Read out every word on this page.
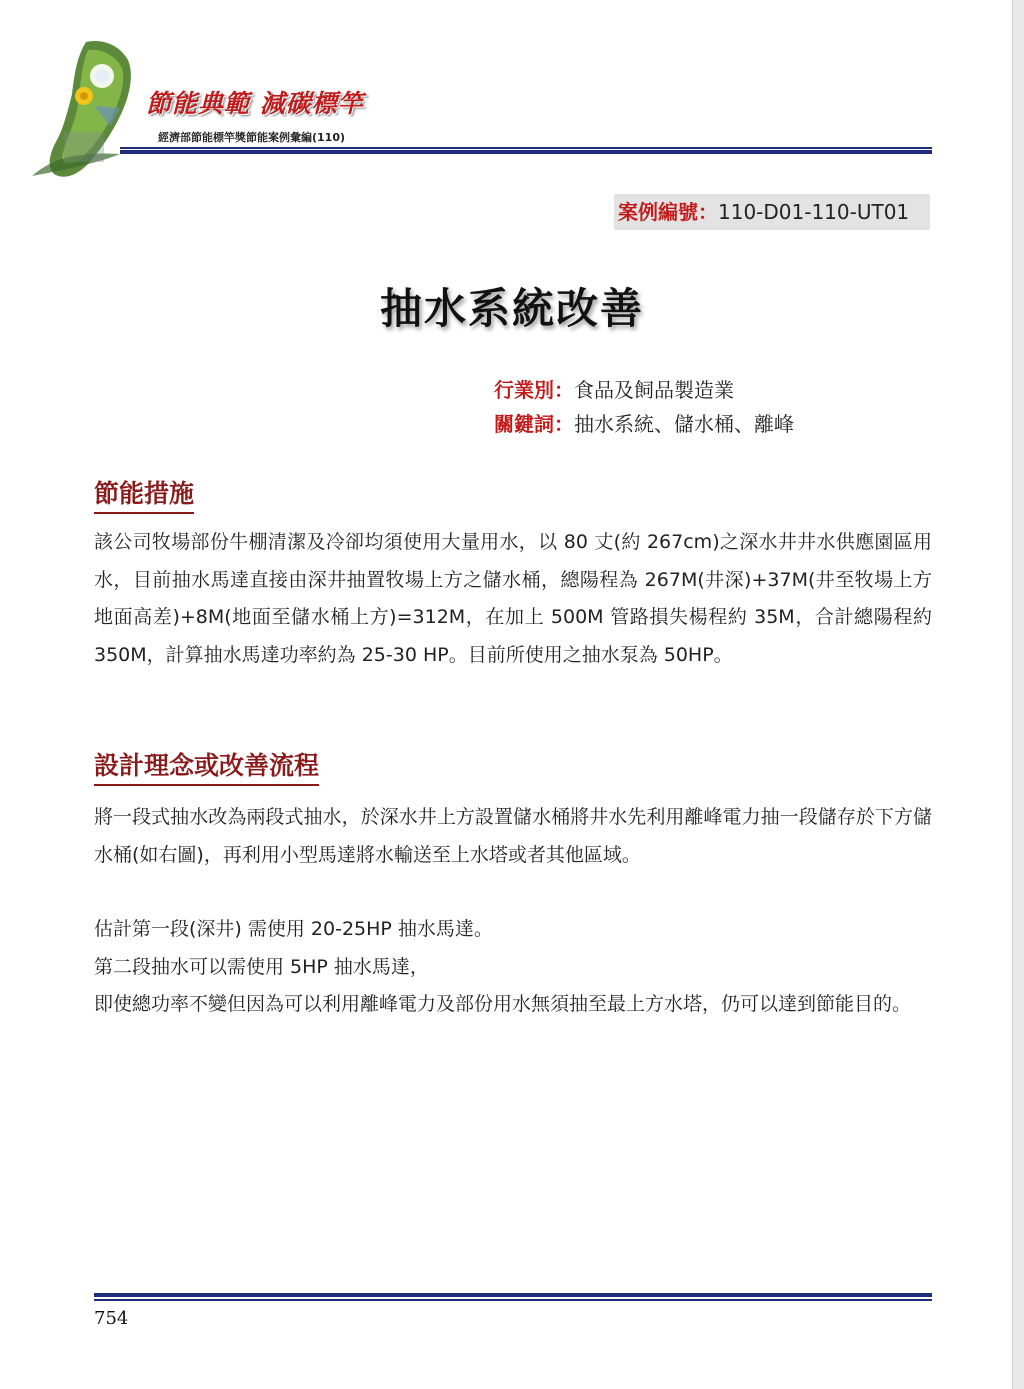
節能典範 減碳標竿
經濟部節能標竿獎節能案例彙編(110)
案例編號：110-D01-110-UT01
抽水系統改善
行業別：食品及飼品製造業
關鍵詞：抽水系統、儲水桶、離峰
節能措施

該公司牧場部份牛棚清潔及冷卻均須使用大量用水，以 80 丈(約 267cm)之深水井井水供應園區用水，目前抽水馬達直接由深井抽置牧場上方之儲水桶，總陽程為 267M(井深)+37M(井至牧場上方地面高差)+8M(地面至儲水桶上方)=312M，在加上 500M 管路損失楊程約 35M，合計總陽程約 350M，計算抽水馬達功率約為 25-30 HP。目前所使用之抽水泵為 50HP。

設計理念或改善流程

將一段式抽水改為兩段式抽水，於深水井上方設置儲水桶將井水先利用離峰電力抽一段儲存於下方儲水桶(如右圖)，再利用小型馬達將水輸送至上水塔或者其他區域。

估計第一段(深井) 需使用 20-25HP 抽水馬達。

第二段抽水可以需使用 5HP 抽水馬達，

即使總功率不變但因為可以利用離峰電力及部份用水無須抽至最上方水塔，仍可以達到節能目的。

754
